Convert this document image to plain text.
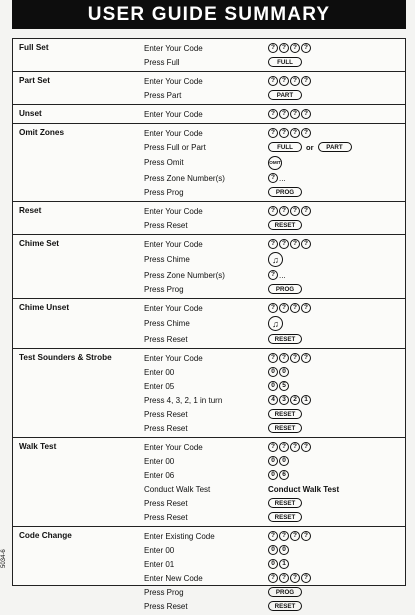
USER GUIDE SUMMARY
Full Set	Enter Your Code	?	?	?	?
Press Full	FULL
Part Set	Enter Your Code	?	?	?	?
Press Part	PART
Unset	Enter Your Code	?	?	?	?
Omit Zones	Enter Your Code	?	?	?	?
Press Full or Part	FULL	or	PART
Press Omit	OMIT
Press Zone Number(s)	? ...
Press Prog	PROG
Reset	Enter Your Code	?	?	?	?
Press Reset	RESET
Chime Set	Enter Your Code	?	?	?	?
Press Chime	♫
Press Zone Number(s)	? ...
Press Prog	PROG
Chime Unset	Enter Your Code	?	?	?	?
Press Chime	♫
Press Reset	RESET
Test Sounders & Strobe	Enter Your Code	?	?	?	?
Enter 00	0	0
Enter 05	0	5
Press 4, 3, 2, 1 in turn	4	3	2	1
Press Reset	RESET
Press Reset	RESET
Walk Test	Enter Your Code	?	?	?	?
Enter 00	0	0
Enter 06	0	6
Conduct Walk Test	Conduct Walk Test
Press Reset	RESET
Press Reset	RESET
Code Change	Enter Existing Code	?	?	?	?
Enter 00	0	0
Enter 01	0	1
Enter New Code	?	?	?	?
Press Prog	PROG
Press Reset	RESET
5034-6
